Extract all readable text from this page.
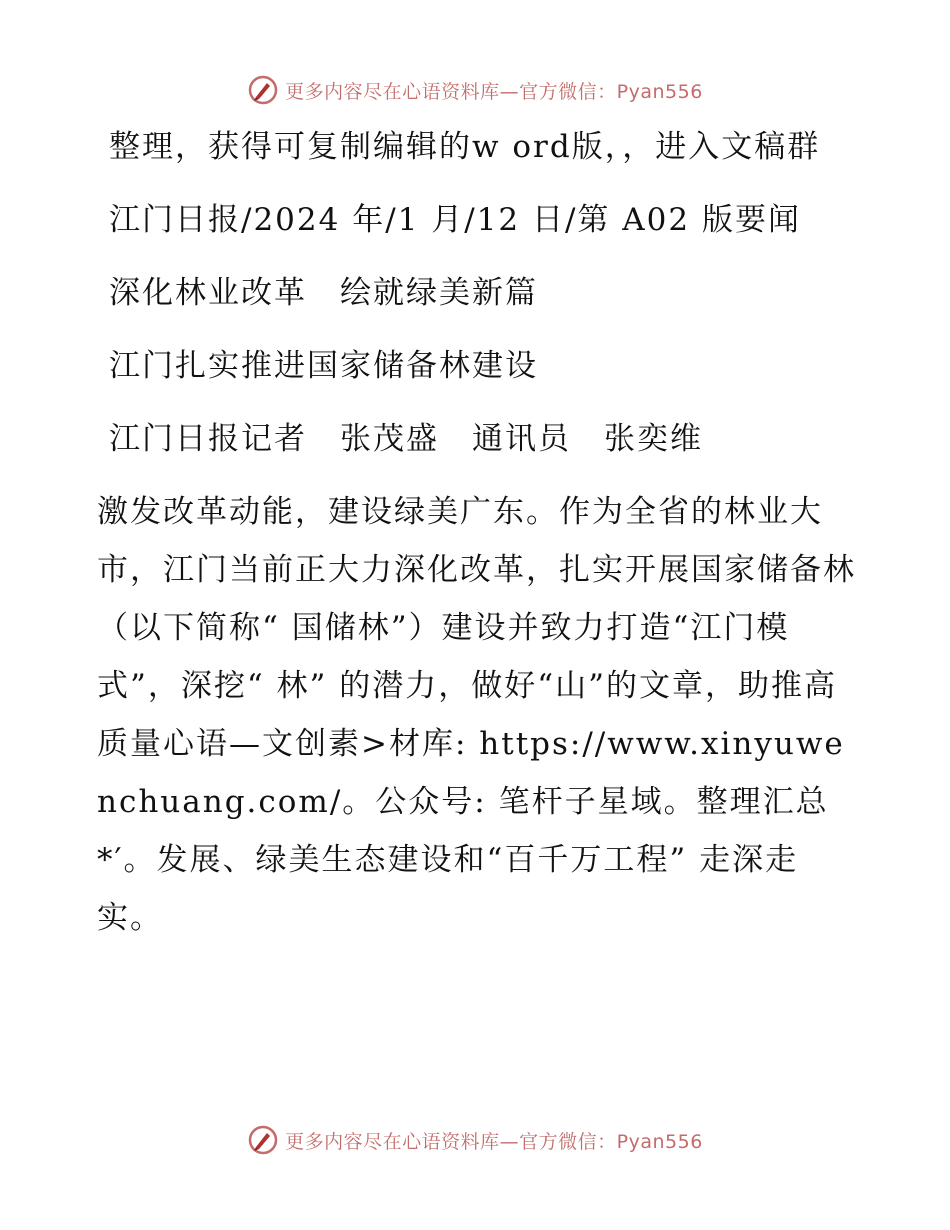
更多内容尽在心语资料库—官方微信：Pyan556

整理，获得可复制编辑的w ord版，，进入文稿群

江门日报/2024 年/1 月/12 日/第 A02 版要闻

深化林业改革　绘就绿美新篇

江门扎实推进国家储备林建设

江门日报记者　张茂盛　通讯员　张奕维

激发改革动能，建设绿美广东。作为全省的林业大市，江门当前正大力深化改革，扎实开展国家储备林（以下简称“ 国储林”）建设并致力打造“江门模式”，深挖“ 林” 的潜力，做好“山”的文章，助推高质量心语—文创素>材库: https://www.xinyuwenchuang.com/。公众号: 笔杆子星域。整理汇总*′。发展、绿美生态建设和“百千万工程” 走深走实。

更多内容尽在心语资料库—官方微信：Pyan556
